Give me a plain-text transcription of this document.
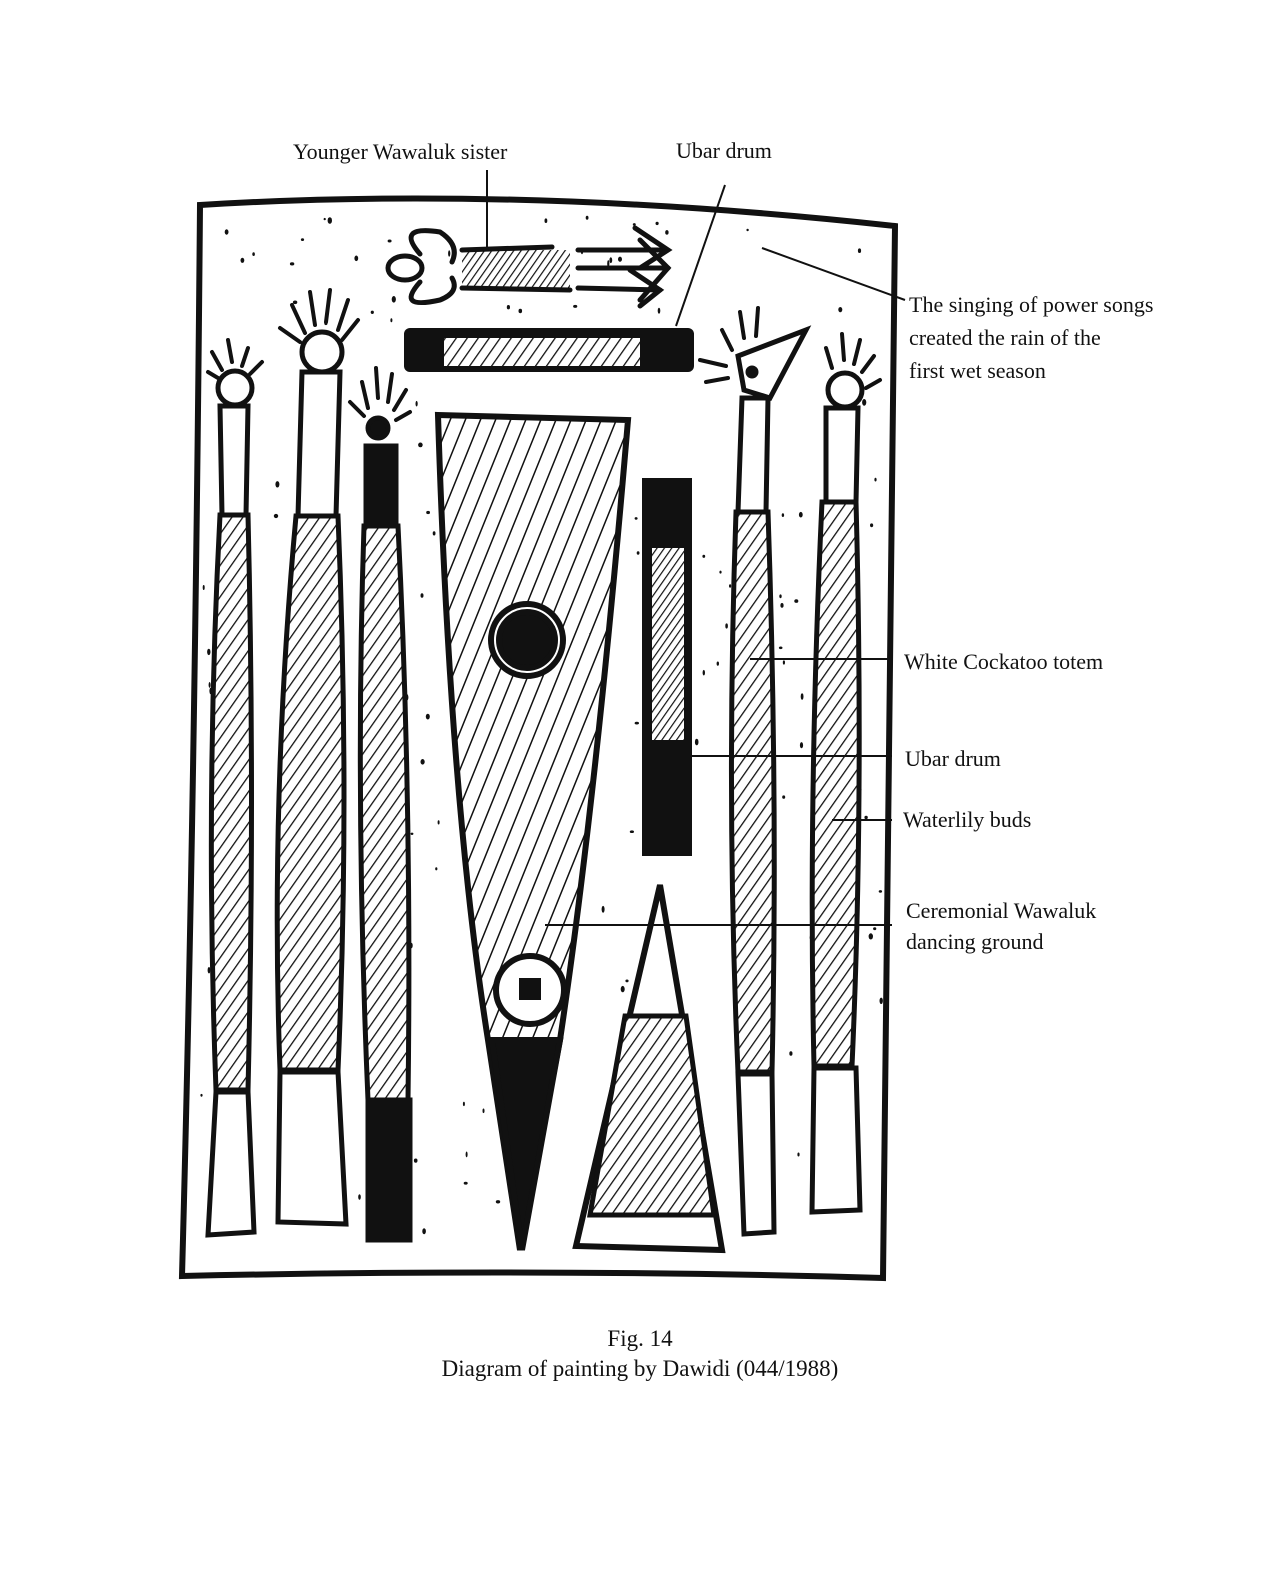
Younger Wawaluk sister	Ubar drum
The singing of power songs
created the rain of the
first wet season
White Cockatoo totem
Ubar drum
Waterlily buds
Ceremonial Wawaluk
dancing ground
Fig. 14
Diagram of painting by Dawidi (044/1988)
